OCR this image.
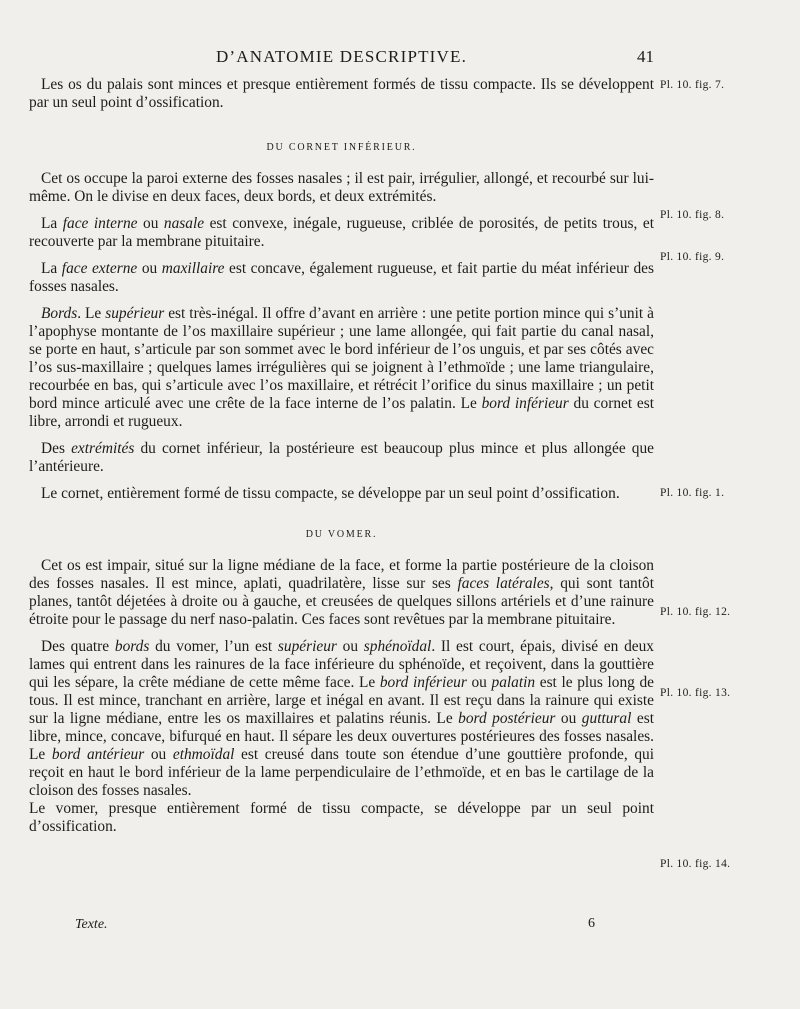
D’ANATOMIE DESCRIPTIVE.	41

Les os du palais sont minces et presque entièrement formés de tissu compacte. Ils se développent par un seul point d’ossification.

DU CORNET INFÉRIEUR.

Cet os occupe la paroi externe des fosses nasales ; il est pair, irrégulier, allongé, et recourbé sur lui-même. On le divise en deux faces, deux bords, et deux extrémités.

La face interne ou nasale est convexe, inégale, rugueuse, criblée de porosités, de petits trous, et recouverte par la membrane pituitaire.

La face externe ou maxillaire est concave, également rugueuse, et fait partie du méat inférieur des fosses nasales.

Bords. Le supérieur est très-inégal. Il offre d’avant en arrière : une petite portion mince qui s’unit à l’apophyse montante de l’os maxillaire supérieur ; une lame allongée, qui fait partie du canal nasal, se porte en haut, s’articule par son sommet avec le bord inférieur de l’os unguis, et par ses côtés avec l’os sus-maxillaire ; quelques lames irrégulières qui se joignent à l’ethmoïde ; une lame triangulaire, recourbée en bas, qui s’articule avec l’os maxillaire, et rétrécit l’orifice du sinus maxillaire ; un petit bord mince articulé avec une crête de la face interne de l’os palatin. Le bord inférieur du cornet est libre, arrondi et rugueux.

Des extrémités du cornet inférieur, la postérieure est beaucoup plus mince et plus allongée que l’antérieure.

Le cornet, entièrement formé de tissu compacte, se développe par un seul point d’ossification.

DU VOMER.

Cet os est impair, situé sur la ligne médiane de la face, et forme la partie postérieure de la cloison des fosses nasales. Il est mince, aplati, quadrilatère, lisse sur ses faces latérales, qui sont tantôt planes, tantôt déjetées à droite ou à gauche, et creusées de quelques sillons artériels et d’une rainure étroite pour le passage du nerf naso-palatin. Ces faces sont revêtues par la membrane pituitaire.

Des quatre bords du vomer, l’un est supérieur ou sphénoïdal. Il est court, épais, divisé en deux lames qui entrent dans les rainures de la face inférieure du sphénoïde, et reçoivent, dans la gouttière qui les sépare, la crête médiane de cette même face. Le bord inférieur ou palatin est le plus long de tous. Il est mince, tranchant en arrière, large et inégal en avant. Il est reçu dans la rainure qui existe sur la ligne médiane, entre les os maxillaires et palatins réunis. Le bord postérieur ou guttural est libre, mince, concave, bifurqué en haut. Il sépare les deux ouvertures postérieures des fosses nasales. Le bord antérieur ou ethmoïdal est creusé dans toute son étendue d’une gouttière profonde, qui reçoit en haut le bord inférieur de la lame perpendiculaire de l’ethmoïde, et en bas le cartilage de la cloison des fosses nasales.

Le vomer, presque entièrement formé de tissu compacte, se développe par un seul point d’ossification.

Pl. 10. fig. 7.
Pl. 10. fig. 8.
Pl. 10. fig. 9.
Pl. 10. fig. 1.
Pl. 10. fig. 12.
Pl. 10. fig. 13.
Pl. 10. fig. 14.
Texte.	6
